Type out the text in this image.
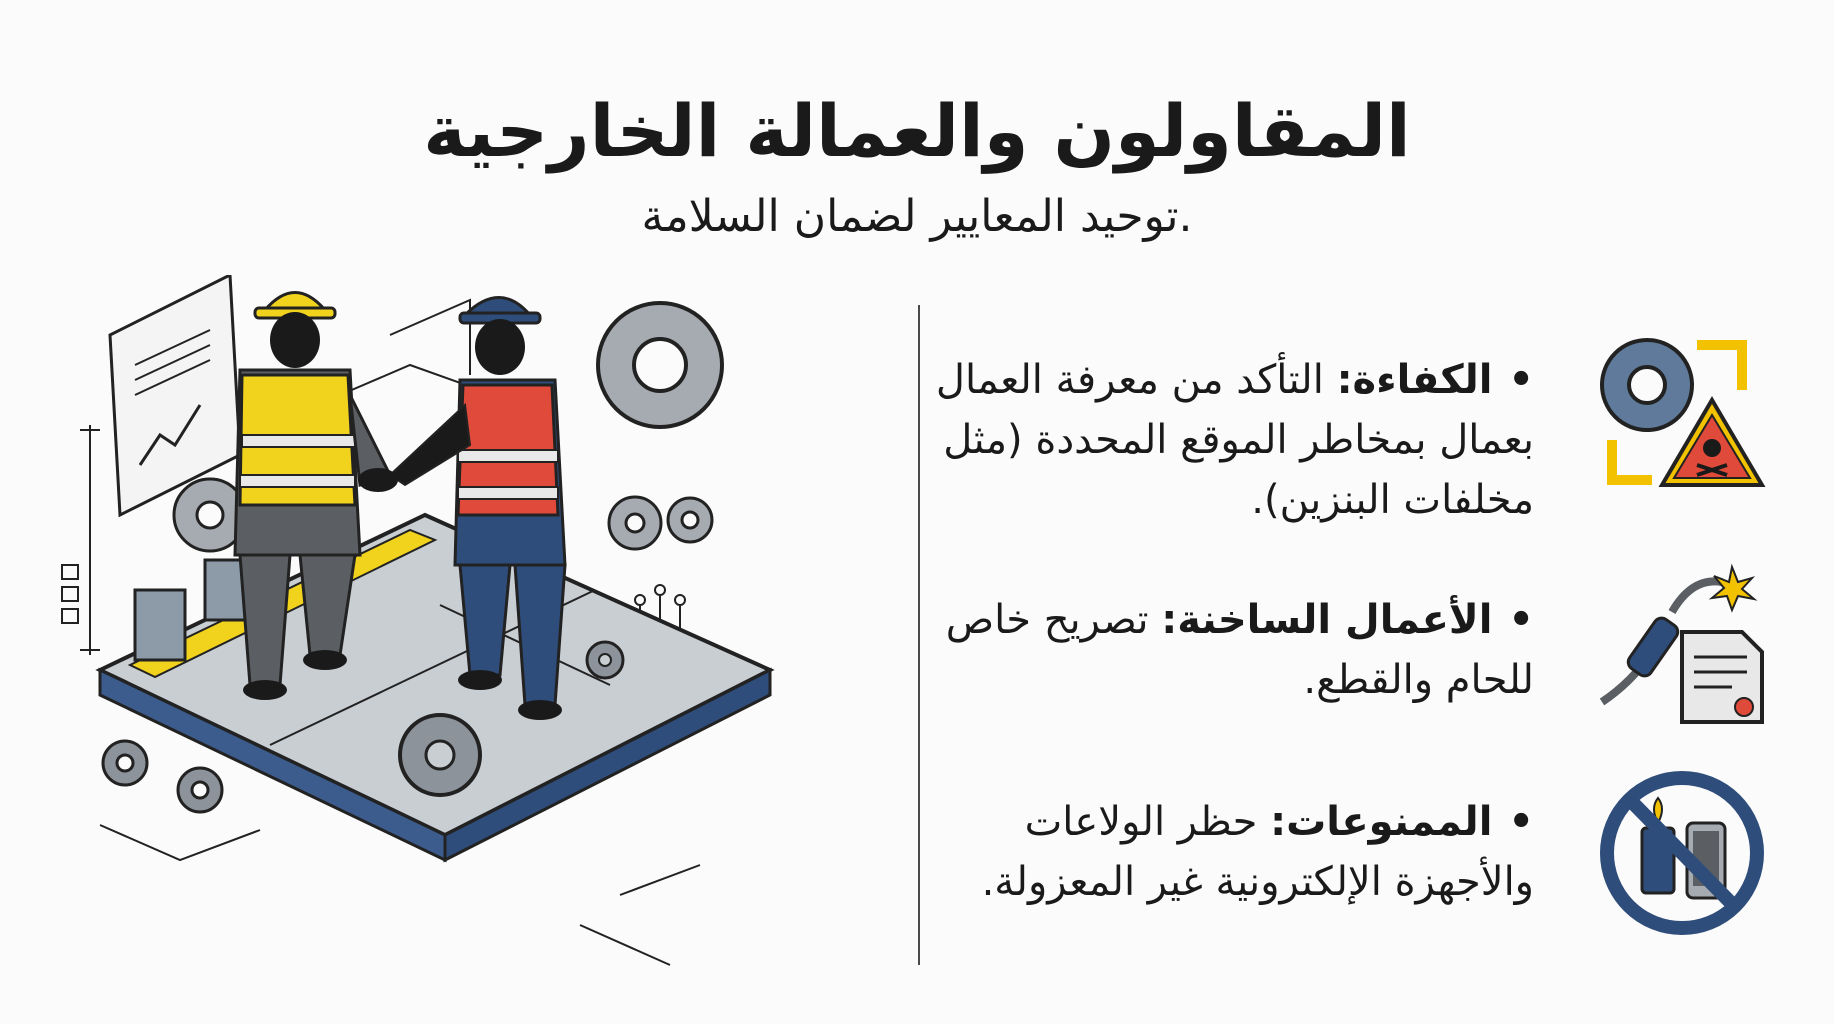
المقاولون والعمالة الخارجية
توحيد المعايير لضمان السلامة.
•الكفاءة: التأكد من معرفة العمال بعمال بمخاطر الموقع المحددة (مثل مخلفات البنزين).
•الأعمال الساخنة: تصريح خاص للحام والقطع.
•الممنوعات: حظر الولاعات والأجهزة الإلكترونية غير المعزولة.
